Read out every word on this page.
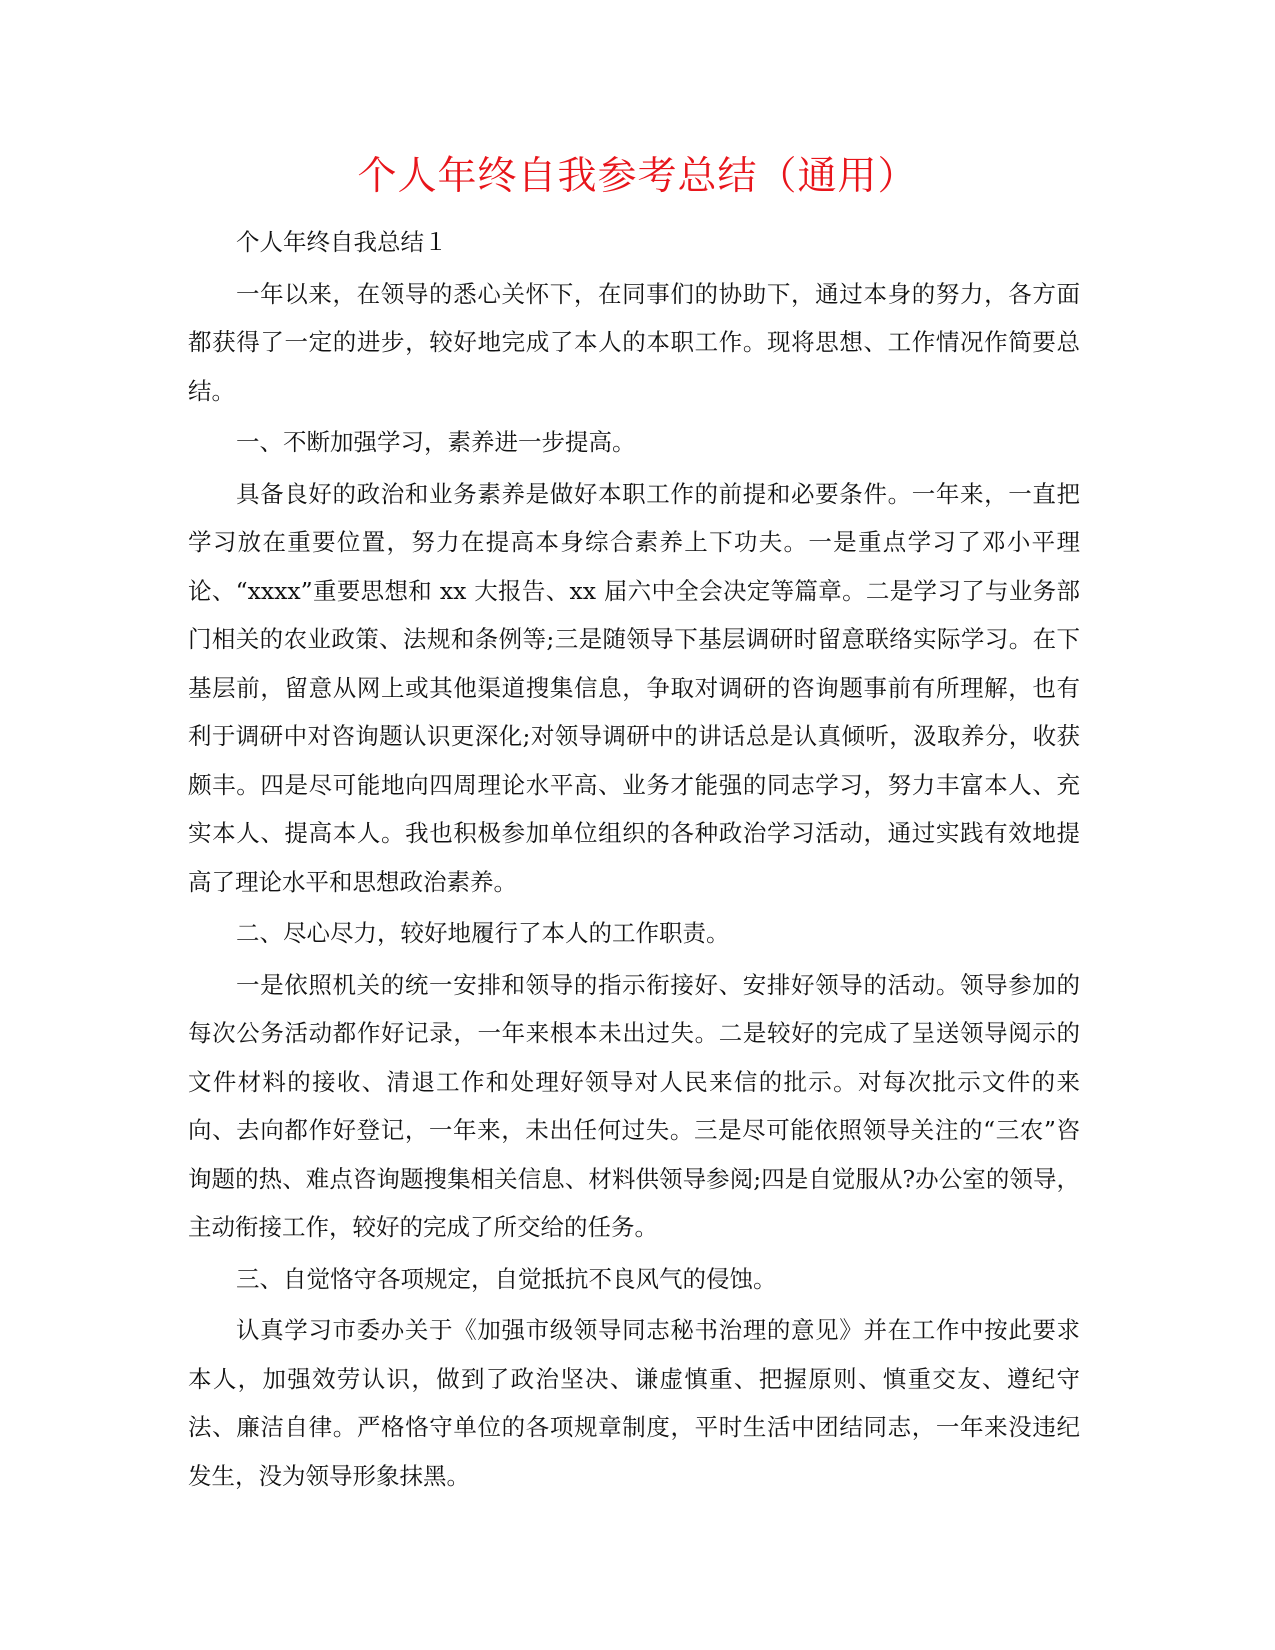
个人年终自我参考总结（通用）

个人年终自我总结１

一年以来，在领导的悉心关怀下，在同事们的协助下，通过本身的努力，各方面都获得了一定的进步，较好地完成了本人的本职工作。现将思想、工作情况作简要总结。

一、不断加强学习，素养进一步提高。

具备良好的政治和业务素养是做好本职工作的前提和必要条件。一年来，一直把学习放在重要位置，努力在提高本身综合素养上下功夫。一是重点学习了邓小平理论、“xxxx”重要思想和 xx 大报告、xx 届六中全会决定等篇章。二是学习了与业务部门相关的农业政策、法规和条例等;三是随领导下基层调研时留意联络实际学习。在下基层前，留意从网上或其他渠道搜集信息，争取对调研的咨询题事前有所理解，也有利于调研中对咨询题认识更深化;对领导调研中的讲话总是认真倾听，汲取养分，收获颇丰。四是尽可能地向四周理论水平高、业务才能强的同志学习，努力丰富本人、充实本人、提高本人。我也积极参加单位组织的各种政治学习活动，通过实践有效地提高了理论水平和思想政治素养。

二、尽心尽力，较好地履行了本人的工作职责。

一是依照机关的统一安排和领导的指示衔接好、安排好领导的活动。领导参加的每次公务活动都作好记录，一年来根本未出过失。二是较好的完成了呈送领导阅示的文件材料的接收、清退工作和处理好领导对人民来信的批示。对每次批示文件的来向、去向都作好登记，一年来，未出任何过失。三是尽可能依照领导关注的“三农”咨询题的热、难点咨询题搜集相关信息、材料供领导参阅;四是自觉服从?办公室的领导，主动衔接工作，较好的完成了所交给的任务。

三、自觉恪守各项规定，自觉抵抗不良风气的侵蚀。

认真学习市委办关于《加强市级领导同志秘书治理的意见》并在工作中按此要求本人，加强效劳认识，做到了政治坚决、谦虚慎重、把握原则、慎重交友、遵纪守法、廉洁自律。严格恪守单位的各项规章制度，平时生活中团结同志，一年来没违纪发生，没为领导形象抹黑。
